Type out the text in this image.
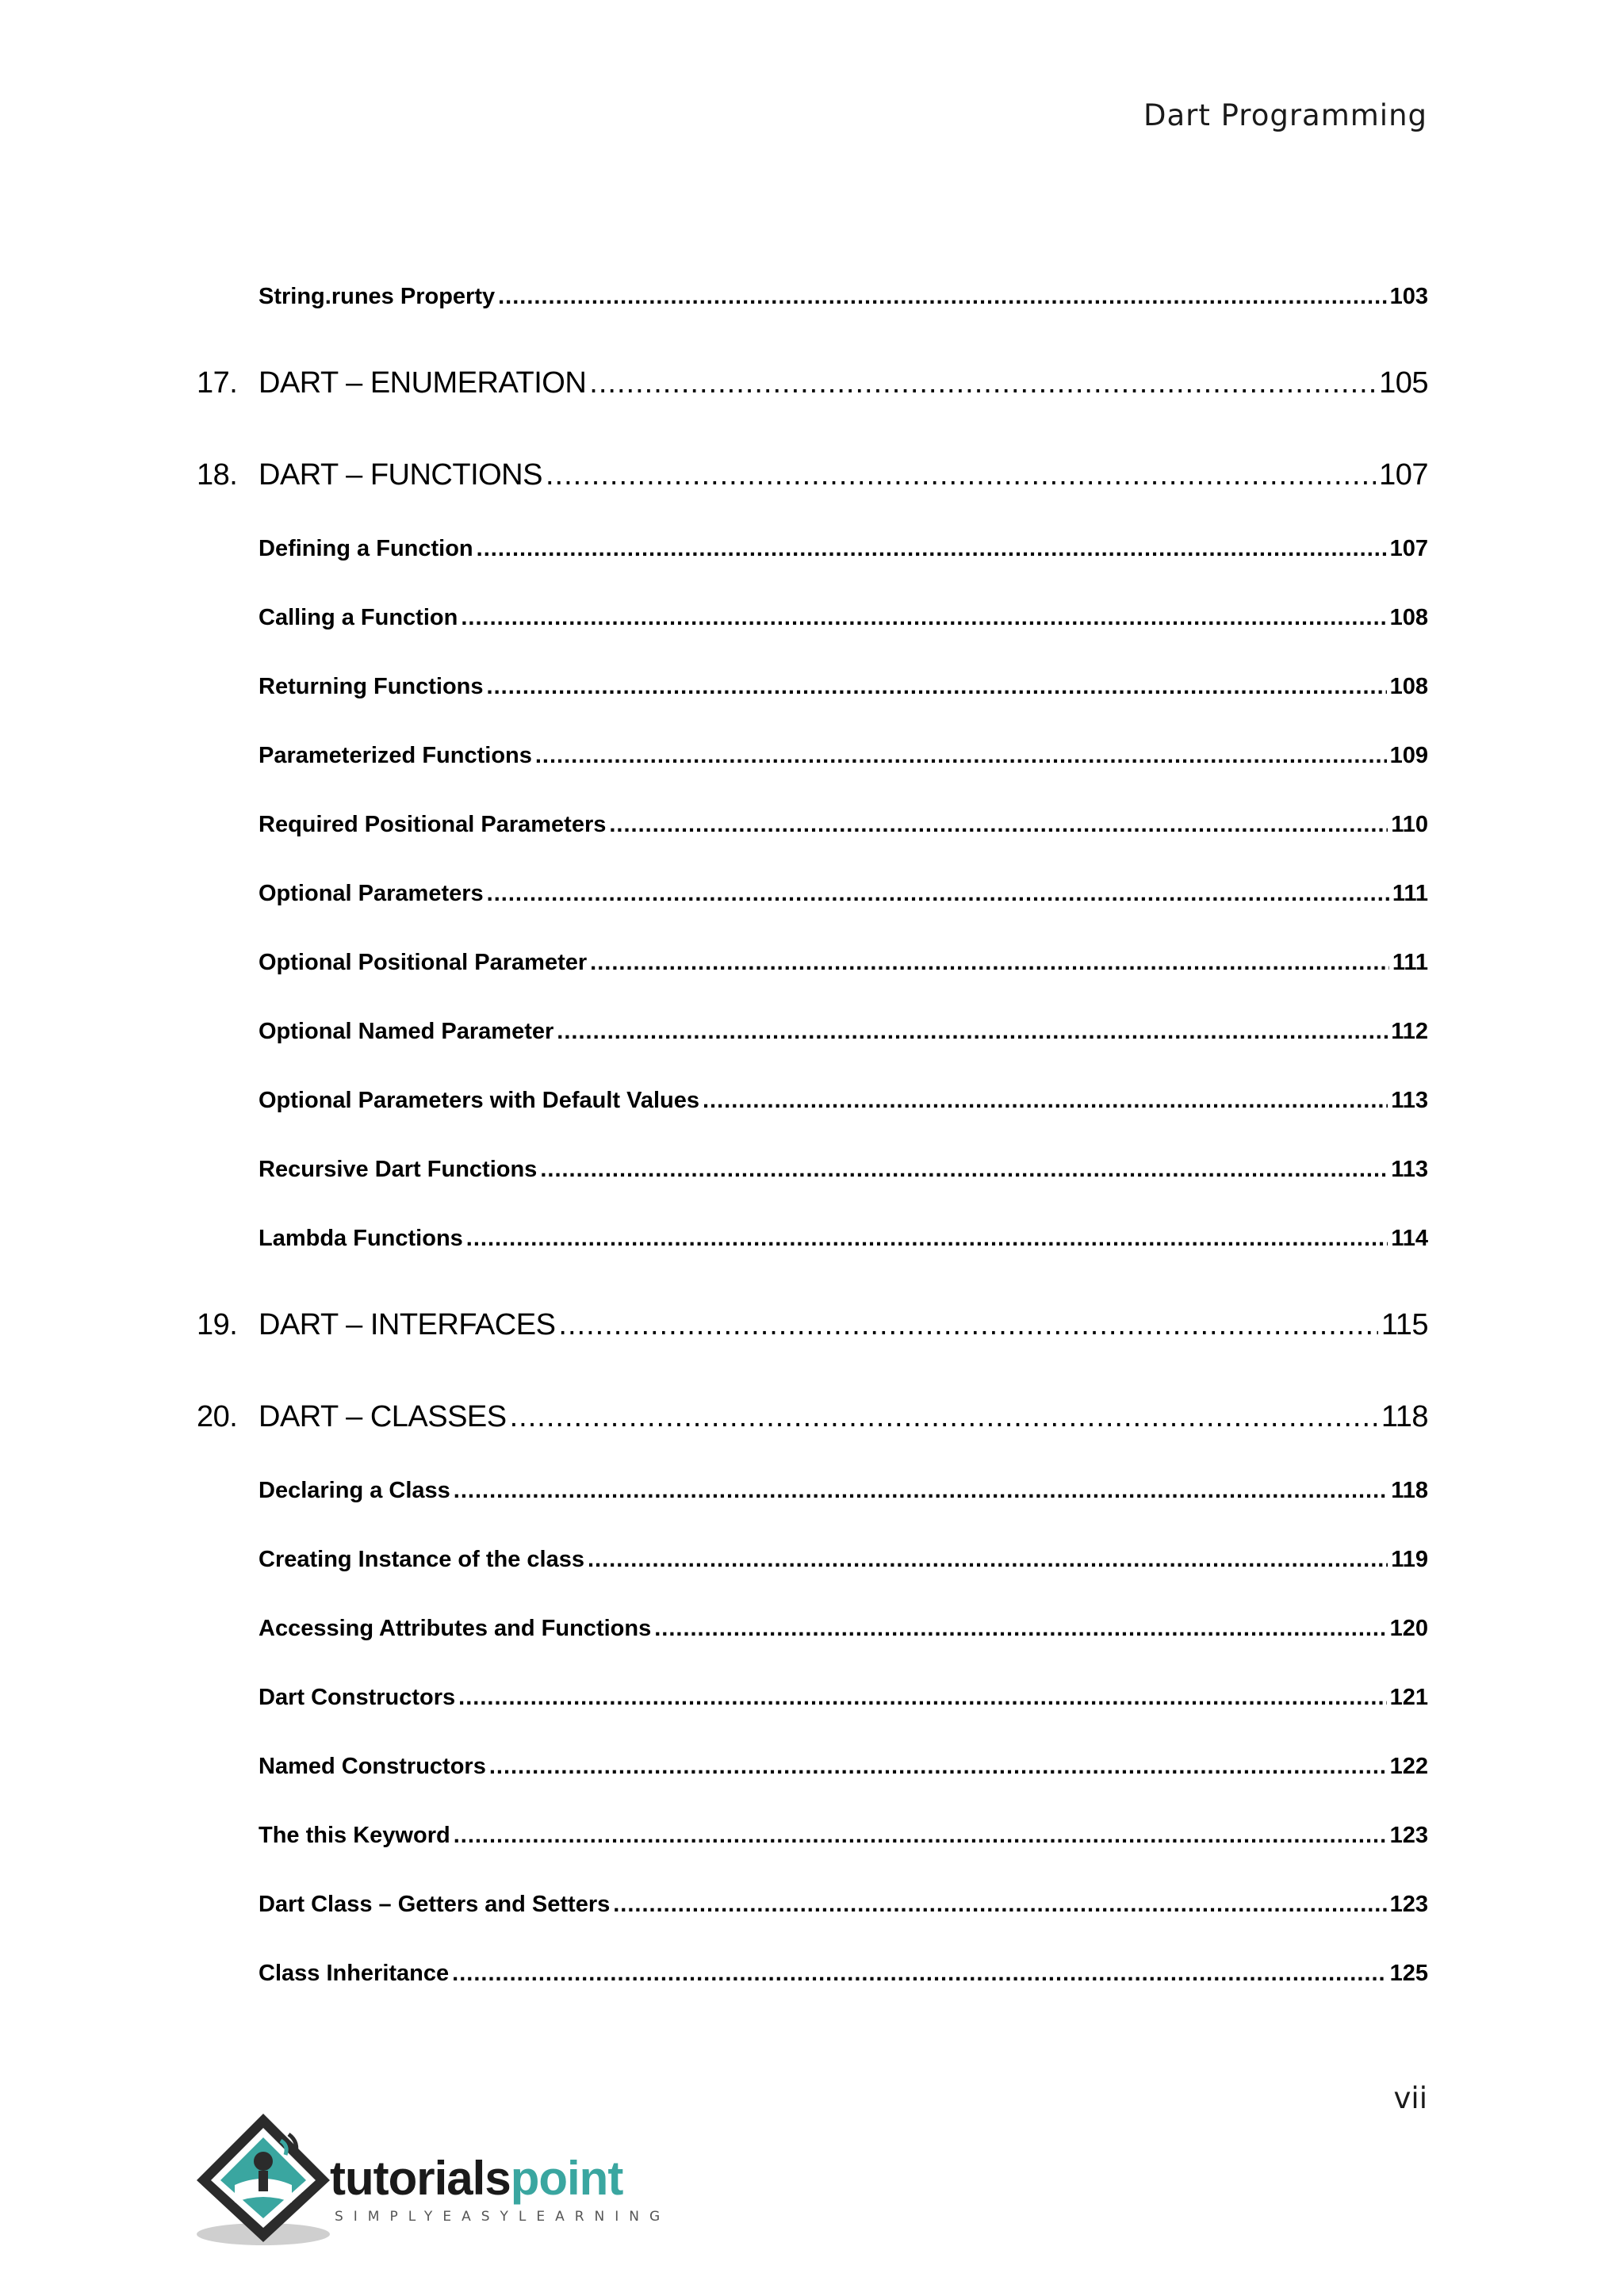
Dart Programming
String.runes Property .....	103
17. DART – ENUMERATION .....	105
18. DART – FUNCTIONS .....	107
Defining a Function .....	107
Calling a Function .....	108
Returning Functions .....	108
Parameterized Functions .....	109
Required Positional Parameters .....	110
Optional Parameters .....	111
Optional Positional Parameter .....	111
Optional Named Parameter .....	112
Optional Parameters with Default Values .....	113
Recursive Dart Functions .....	113
Lambda Functions .....	114
19. DART – INTERFACES .....	115
20. DART – CLASSES .....	118
Declaring a Class .....	118
Creating Instance of the class .....	119
Accessing Attributes and Functions .....	120
Dart Constructors .....	121
Named Constructors .....	122
The this Keyword .....	123
Dart Class – Getters and Setters .....	123
Class Inheritance .....	125
vii
tutorialspoint
SIMPLYEASYLEARNING
